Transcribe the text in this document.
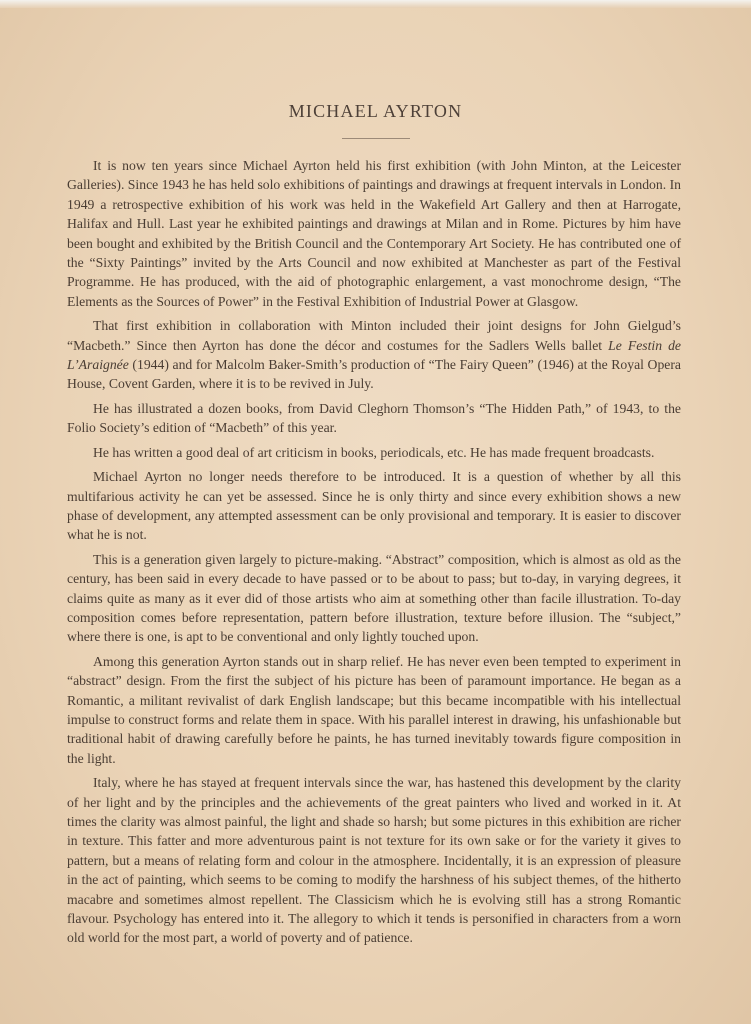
MICHAEL AYRTON

It is now ten years since Michael Ayrton held his first exhibition (with John Minton, at the Leicester Galleries). Since 1943 he has held solo exhibitions of paintings and drawings at frequent intervals in London. In 1949 a retrospective exhibition of his work was held in the Wakefield Art Gallery and then at Harrogate, Halifax and Hull. Last year he exhibited paintings and drawings at Milan and in Rome. Pictures by him have been bought and exhibited by the British Council and the Contemporary Art Society. He has contributed one of the “Sixty Paintings” invited by the Arts Council and now exhibited at Manchester as part of the Festival Programme. He has produced, with the aid of photographic enlargement, a vast monochrome design, “The Elements as the Sources of Power” in the Festival Exhibition of Industrial Power at Glasgow.

That first exhibition in collaboration with Minton included their joint designs for John Gielgud’s “Macbeth.” Since then Ayrton has done the décor and costumes for the Sadlers Wells ballet Le Festin de L’Araignée (1944) and for Malcolm Baker-Smith’s production of “The Fairy Queen” (1946) at the Royal Opera House, Covent Garden, where it is to be revived in July.

He has illustrated a dozen books, from David Cleghorn Thomson’s “The Hidden Path,” of 1943, to the Folio Society’s edition of “Macbeth” of this year.

He has written a good deal of art criticism in books, periodicals, etc. He has made frequent broadcasts.

Michael Ayrton no longer needs therefore to be introduced. It is a question of whether by all this multifarious activity he can yet be assessed. Since he is only thirty and since every exhibition shows a new phase of development, any attempted assessment can be only provisional and temporary. It is easier to discover what he is not.

This is a generation given largely to picture-making. “Abstract” composition, which is almost as old as the century, has been said in every decade to have passed or to be about to pass; but to-day, in varying degrees, it claims quite as many as it ever did of those artists who aim at something other than facile illustration. To-day composition comes before representation, pattern before illustration, texture before illusion. The “subject,” where there is one, is apt to be conventional and only lightly touched upon.

Among this generation Ayrton stands out in sharp relief. He has never even been tempted to experiment in “abstract” design. From the first the subject of his picture has been of paramount importance. He began as a Romantic, a militant revivalist of dark English landscape; but this became incompatible with his intellectual impulse to construct forms and relate them in space. With his parallel interest in drawing, his unfashionable but traditional habit of drawing carefully before he paints, he has turned inevitably towards figure composition in the light.

Italy, where he has stayed at frequent intervals since the war, has hastened this development by the clarity of her light and by the principles and the achievements of the great painters who lived and worked in it. At times the clarity was almost painful, the light and shade so harsh; but some pictures in this exhibition are richer in texture. This fatter and more adventurous paint is not texture for its own sake or for the variety it gives to pattern, but a means of relating form and colour in the atmosphere. Incidentally, it is an expression of pleasure in the act of painting, which seems to be coming to modify the harshness of his subject themes, of the hitherto macabre and sometimes almost repellent. The Classicism which he is evolving still has a strong Romantic flavour. Psychology has entered into it. The allegory to which it tends is personified in characters from a worn old world for the most part, a world of poverty and of patience.
